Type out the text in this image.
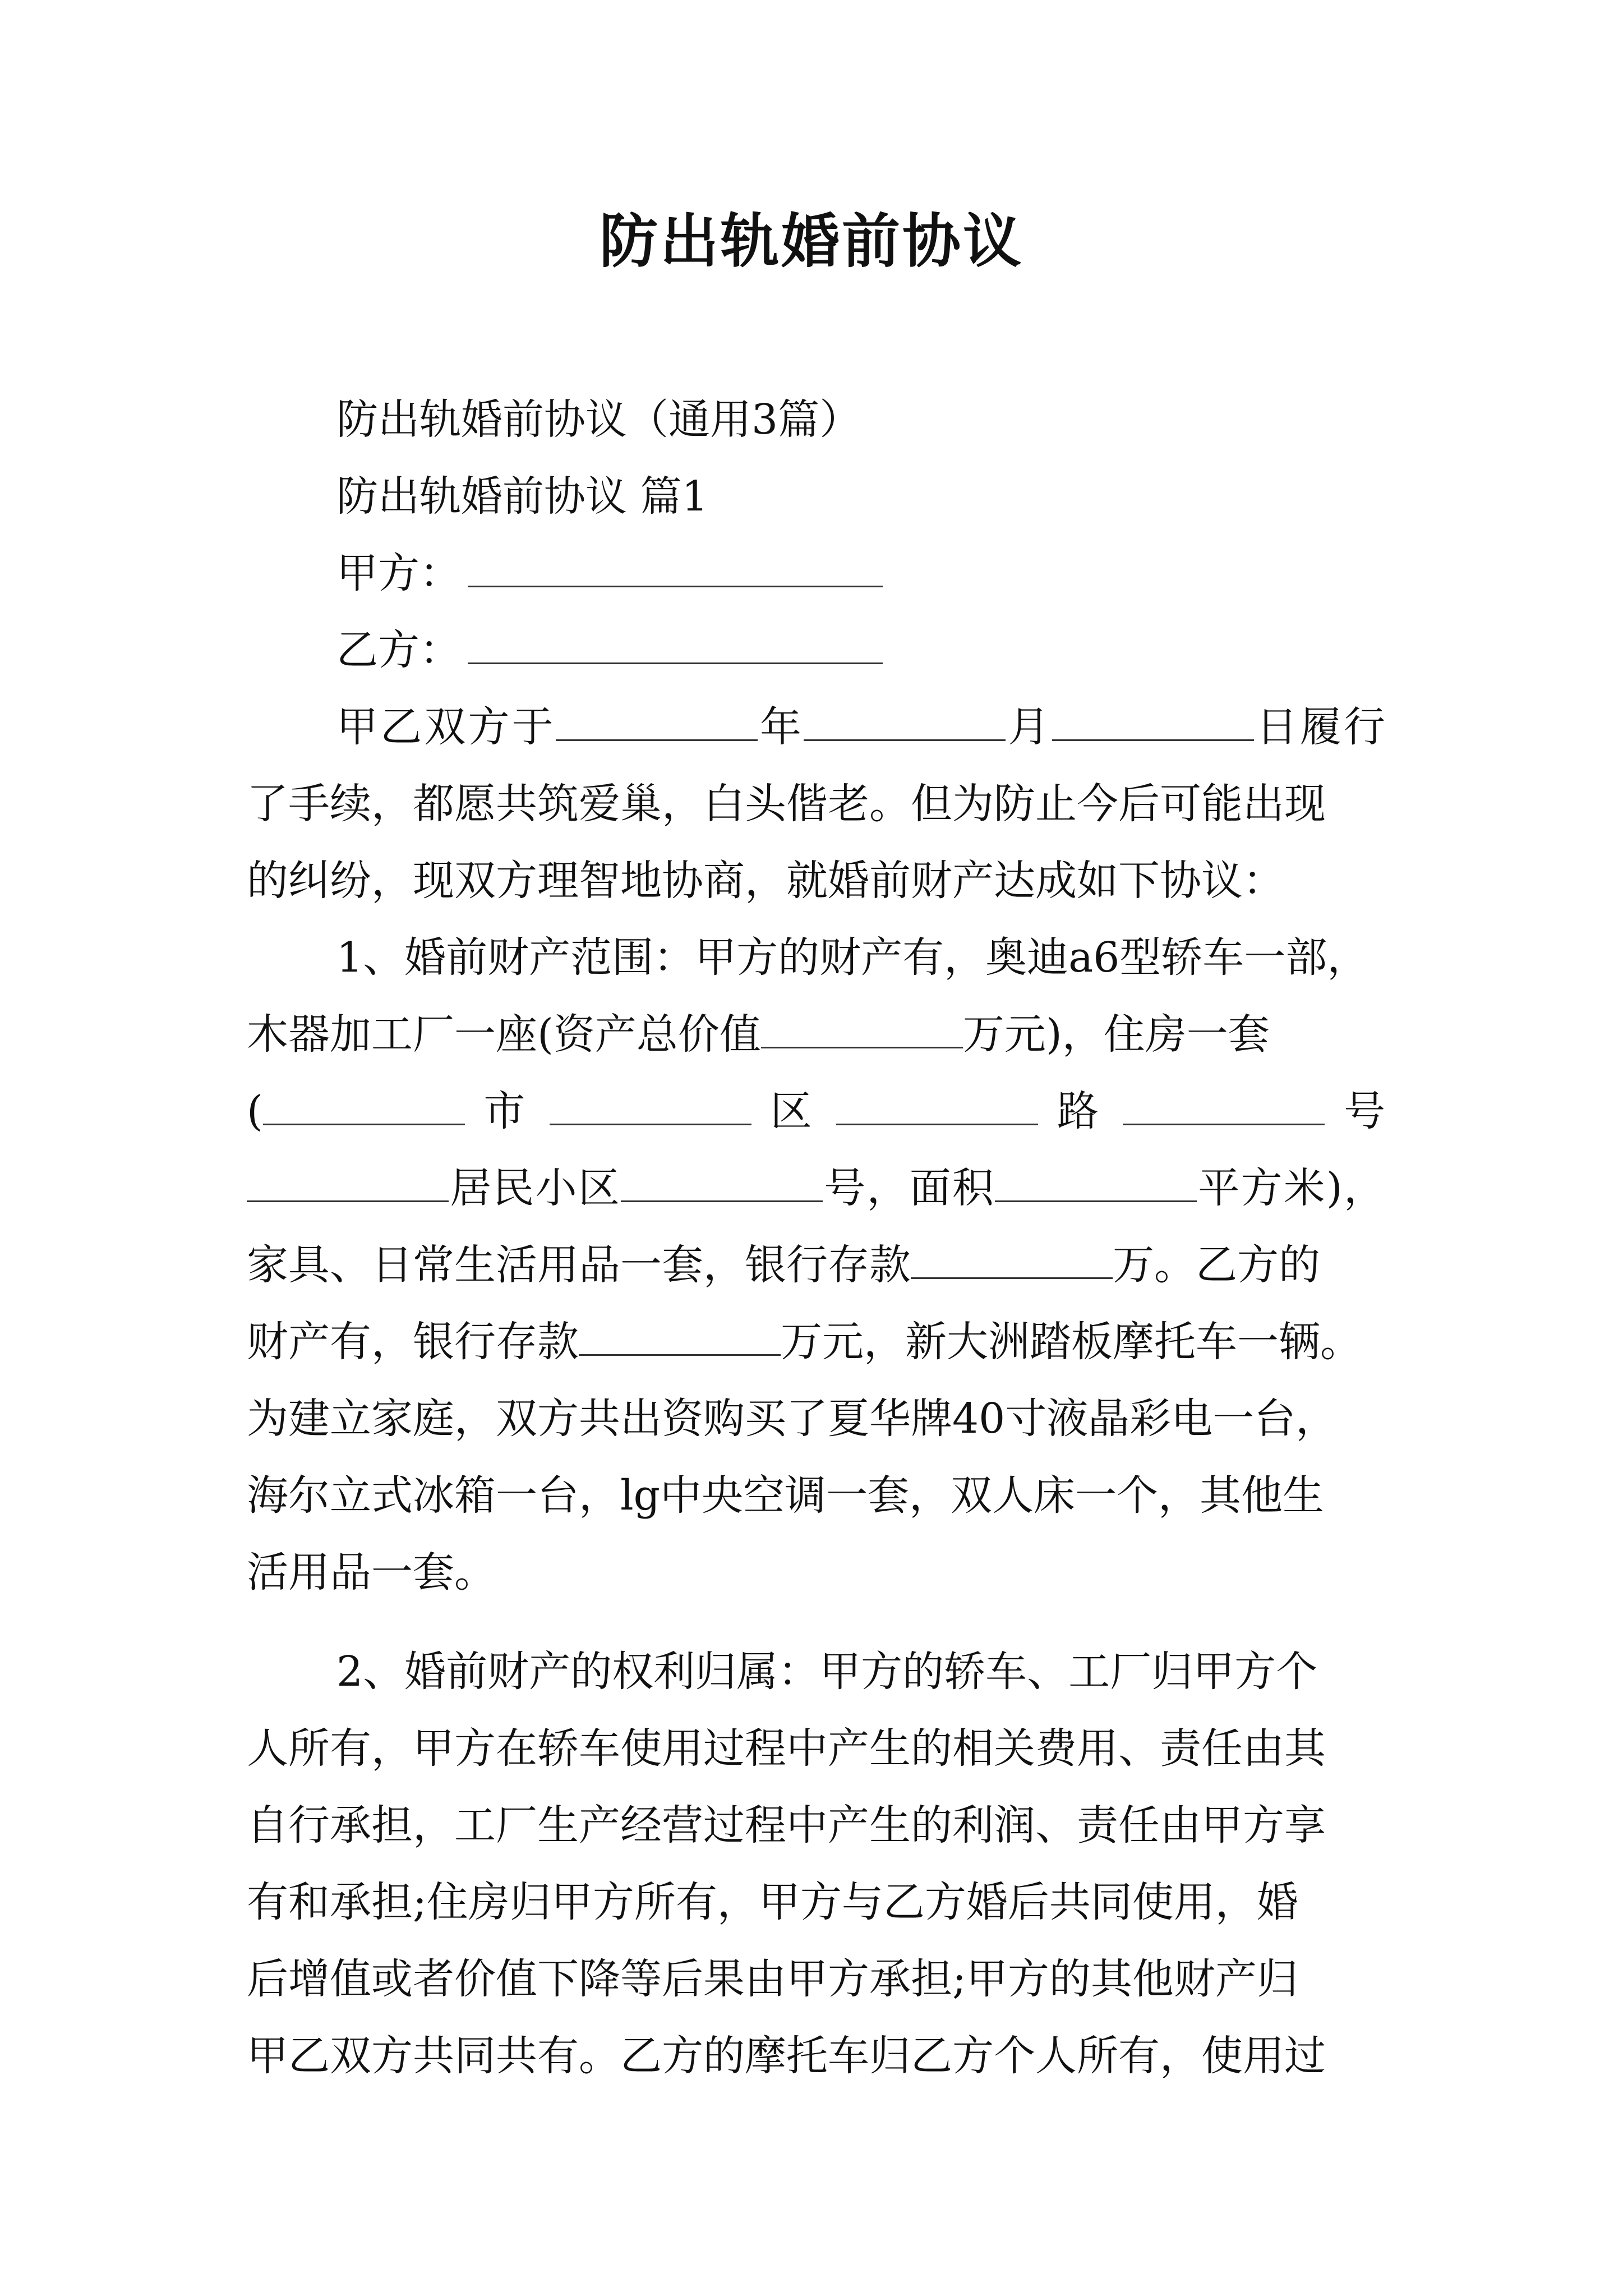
防出轨婚前协议
防出轨婚前协议（通用3篇）
防出轨婚前协议 篇1
甲方：
乙方：
甲乙双方于	年	月	日履行
了手续，都愿共筑爱巢，白头偕老。但为防止今后可能出现
的纠纷，现双方理智地协商，就婚前财产达成如下协议：
1、婚前财产范围：甲方的财产有，奥迪a6型轿车一部，
木器加工厂一座(资产总价值	万元)，住房一套
(	市	区	路	号
居民小区	号，面积	平方米)，
家具、日常生活用品一套，银行存款	万。乙方的
财产有，银行存款	万元，新大洲踏板摩托车一辆。
为建立家庭，双方共出资购买了夏华牌40寸液晶彩电一台，
海尔立式冰箱一台，lg中央空调一套，双人床一个，其他生
活用品一套。
2、婚前财产的权利归属：甲方的轿车、工厂归甲方个
人所有，甲方在轿车使用过程中产生的相关费用、责任由其
自行承担，工厂生产经营过程中产生的利润、责任由甲方享
有和承担;住房归甲方所有，甲方与乙方婚后共同使用，婚
后增值或者价值下降等后果由甲方承担;甲方的其他财产归
甲乙双方共同共有。乙方的摩托车归乙方个人所有，使用过
